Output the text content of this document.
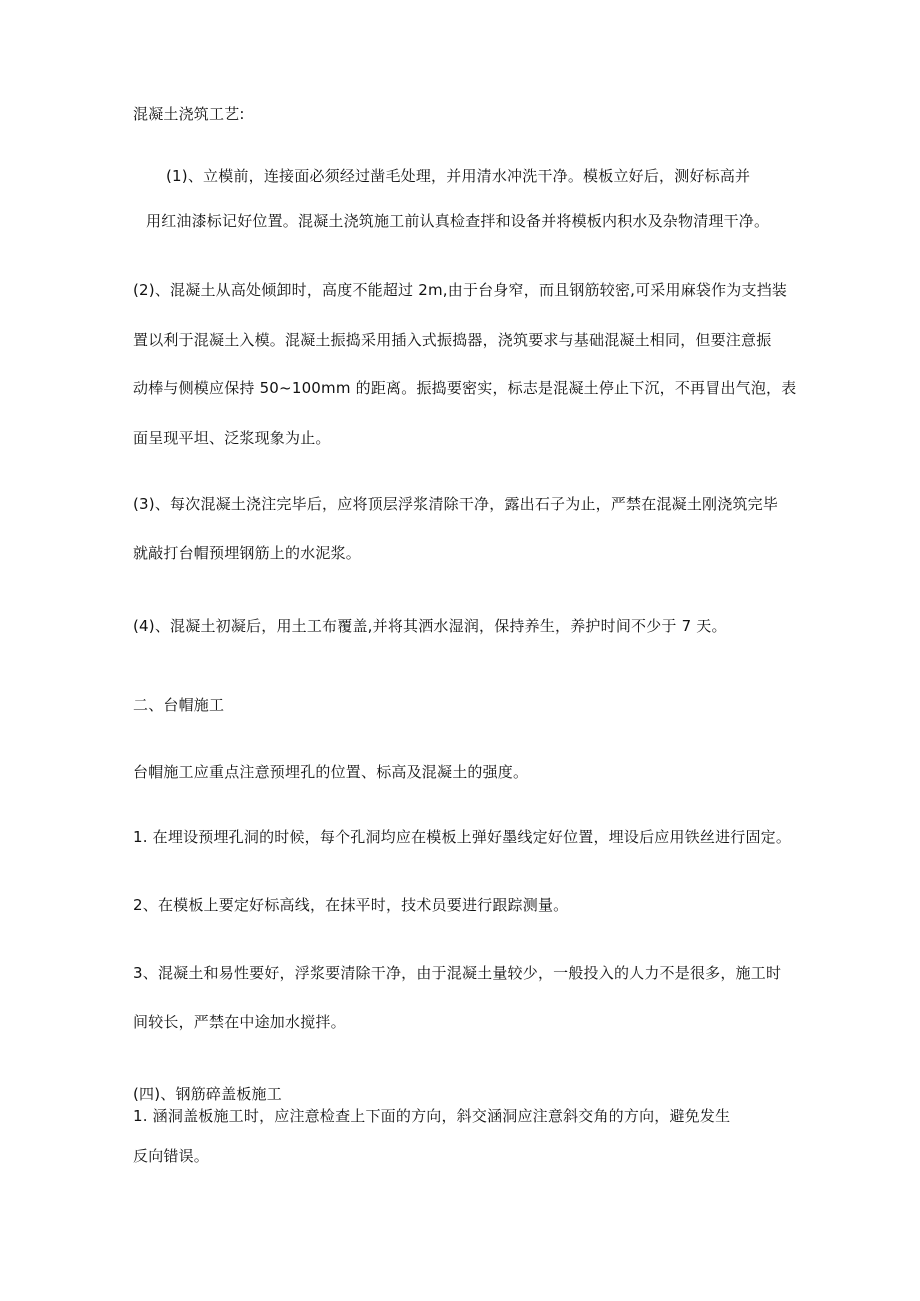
混凝土浇筑工艺:
(1)、立模前，连接面必须经过凿毛处理，并用清水冲洗干净。模板立好后，测好标高并
用红油漆标记好位置。混凝土浇筑施工前认真检查拌和设备并将模板内积水及杂物清理干净。
(2)、混凝土从高处倾卸时，高度不能超过 2m,由于台身窄，而且钢筋较密,可采用麻袋作为支挡装
置以利于混凝土入模。混凝土振捣采用插入式振捣器，浇筑要求与基础混凝土相同，但要注意振
动棒与侧模应保持 50~100mm 的距离。振捣要密实，标志是混凝土停止下沉，不再冒出气泡，表
面呈现平坦、泛浆现象为止。
(3)、每次混凝土浇注完毕后，应将顶层浮浆清除干净，露出石子为止，严禁在混凝土刚浇筑完毕
就敲打台帽预埋钢筋上的水泥浆。
(4)、混凝土初凝后，用土工布覆盖,并将其洒水湿润，保持养生，养护时间不少于 7 天。
二、台帽施工
台帽施工应重点注意预埋孔的位置、标高及混凝土的强度。
1. 在埋设预埋孔洞的时候，每个孔洞均应在模板上弹好墨线定好位置，埋设后应用铁丝进行固定。
2、在模板上要定好标高线，在抹平时，技术员要进行跟踪测量。
3、混凝土和易性要好，浮浆要清除干净，由于混凝土量较少，一般投入的人力不是很多，施工时
间较长，严禁在中途加水搅拌。
(四)、钢筋碎盖板施工
1. 涵洞盖板施工时，应注意检查上下面的方向，斜交涵洞应注意斜交角的方向，避免发生
反向错误。
